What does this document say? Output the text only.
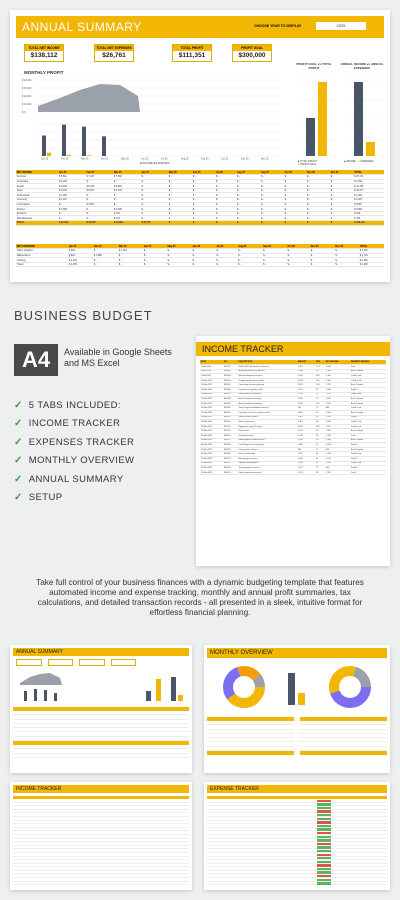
ANNUAL SUMMARY	CHOOSE YEAR TO DISPLAY	2025
TOTAL NET INCOME
$138,112
TOTAL NET EXPENSES
$26,761
TOTAL PROFIT
$111,351
PROFIT GOAL
$300,000
MONTHLY PROFIT
$ 40,000
$ 30,000
$ 20,000
$ 10,000
$ 0
Jan 25	Feb 25	Mar 25	Apr 25	May 25	Jun 25	Jul 25	Aug 25	Sep 25	Oct 25	Nov 25	Dec 25
■ INCOME ■ EXPENSES
PROFIT GOAL vs TOTAL PROFIT
■ TOTAL PROFIT
■ PROFIT GOAL
ANNUAL INCOME vs ANNUAL EXPENSES
■ INCOME ■ EXPENSES
NET INCOME	Jan 25	Feb 25	Mar 25	Apr 25	May 25	Jun 25	Jul 25	Aug 25	Sep 25	Oct 25	Nov 25	Dec 25	TOTAL
Services	$ 5,811	$ 7,227	$ 7,082	$ -	$ -	$ -	$ -	$ -	$ -	$ -	$ -	$ -	$ 25,171
Consulting	$ 4,292	$ -	$ -	$ -	$ -	$ -	$ -	$ -	$ -	$ -	$ -	$ -	$ 4,292
Rental	$ 8,240	$ 9,006	$ 8,887	$ -	$ -	$ -	$ -	$ -	$ -	$ -	$ -	$ -	$ 41,155
Sales	$ 6,464	$ 8,817	$ 6,316	$ -	$ -	$ -	$ -	$ -	$ -	$ -	$ -	$ -	$ 26,477
Subscription	$ 1,381	$ -	$ -	$ -	$ -	$ -	$ -	$ -	$ -	$ -	$ -	$ -	$ 1,381
Licensing	$ 2,187	$ -	$ -	$ -	$ -	$ -	$ -	$ -	$ -	$ -	$ -	$ -	$ 2,187
Commission	$ -	$ 3,567	$ -	$ -	$ -	$ -	$ -	$ -	$ -	$ -	$ -	$ -	$ 3,567
Refund	$ 3,395	$ -	$ 4,909	$ -	$ -	$ -	$ -	$ -	$ -	$ -	$ -	$ -	$ 9,894
Donation	$ -	$ -	$ 100	$ -	$ -	$ -	$ -	$ -	$ -	$ -	$ -	$ -	$ 100
Miscellaneous	$ -	$ -	$ 784	$ -	$ -	$ -	$ -	$ -	$ -	$ -	$ -	$ -	$ 784
TOTAL	$ 31,990	$ 49,075	$ 45,851	$ 30,715	$ -	$ -	$ -	$ -	$ -	$ -	$ -	$ -	$ 138,112
NET EXPENSES	Jan 25	Feb 25	Mar 25	Apr 25	May 25	Jun 25	Jul 25	Aug 25	Sep 25	Oct 25	Nov 25	Dec 25	TOTAL
Office Supplies	$ 928	$ -	$ 1,153	$ -	$ -	$ -	$ -	$ -	$ -	$ -	$ -	$ -	$ 2,746
Maintenance	$ 824	$ 1,880	$ -	$ -	$ -	$ -	$ -	$ -	$ -	$ -	$ -	$ -	$ 2,704
Training	$ 2,245	$ -	$ -	$ -	$ -	$ -	$ -	$ -	$ -	$ -	$ -	$ -	$ 2,245
Travel	$ 1,235	$ -	$ -	$ -	$ -	$ -	$ -	$ -	$ -	$ -	$ -	$ -	$ 1,235
BUSINESS BUDGET
A4	Available in Google Sheets and MS Excel
✓ 5 TABS INCLUDED:
✓ INCOME TRACKER
✓ EXPENSES TRACKER
✓ MONTHLY OVERVIEW
✓ ANNUAL SUMMARY
✓ SETUP
INCOME TRACKER
DATE	ID#	DESCRIPTION	AMOUNT	TAX	NET INCOME	PAYMENT METHOD
1-Mar-2025	INV001	Web & SEO maintenance services	1,361	57.1	1,304	Cash
3-Mar-2025	INV002	Marketing consulting services	1,168	59	1,109	Bank Transfer
7-Mar-2025	INV003	Web development services	5,200	100	5,100	Credit Card
10-Mar-2025	INV004	Graphic design service sales	3,508	144	3,364	Credit Card
12-Mar-2025	INV005	Consulting services package	2,895	100	2,795	Bank Transfer
14-Mar-2025	INV006	Commercial property rental	1,231	62	1,169	PayPal
16-Mar-2025	INV007	Subscription to newsletter	1,310	73	1,237	Credit Card
17-Mar-2025	INV008	Annual software licensing	2,109	79	2,030	Bank Transfer
19-Mar-2025	INV009	Annual software licensing	3,093	173	2,920	Bank Transfer
20-Mar-2025	INV010	Sale of legal consultation services	965	76	889	Credit Card
22-Mar-2025	INV011	Catering service for corporate event	1,869	64	1,805	Bank Transfer
24-Mar-2025	INV012	Rental of office space	1,361	26	1,335	PayPal
26-Mar-2025	INV013	Home repair sales	1,387	56	1,331	Credit Card
28-Mar-2025	INV014	Equipment rental for event	2,093	136	1,957	Credit Card
29-Mar-2025	INV015	Retail sales	1,541	91	1,450	Bank Transfer
30-Mar-2025	INV016	Donation income	1,185	65	1,120	Cash
30-Mar-2025	INV017	Subscription to online service	1,240	76	1,164	Bank Transfer
30-Mar-2025	INV018	Consulting services package	1,085	57	1,028	PayPal
31-Mar-2025	INV019	Construction contract	895	79	816	Bank Transfer
31-Mar-2025	INV020	Event coordination	1,211	68	1,143	Credit Card
31-Mar-2025	INV021	Web design services	1,085	69	1,016	PayPal
31-Mar-2025	INV022	Software development	1,350	87	1,263	Credit Card
31-Mar-2025	INV023	Tax preparation services	1,017	72	945	PayPal
31-Mar-2025	INV024	Video production services	1,195	83	1,112	Cash
Take full control of your business finances with a dynamic budgeting template that features automated income and expense tracking, monthly and annual profit summaries, tax calculations, and detailed transaction records - all presented in a sleek, intuitive format for effortless financial planning.
ANNUAL SUMMARY	MONTHLY OVERVIEW
INCOME TRACKER	EXPENSE TRACKER
